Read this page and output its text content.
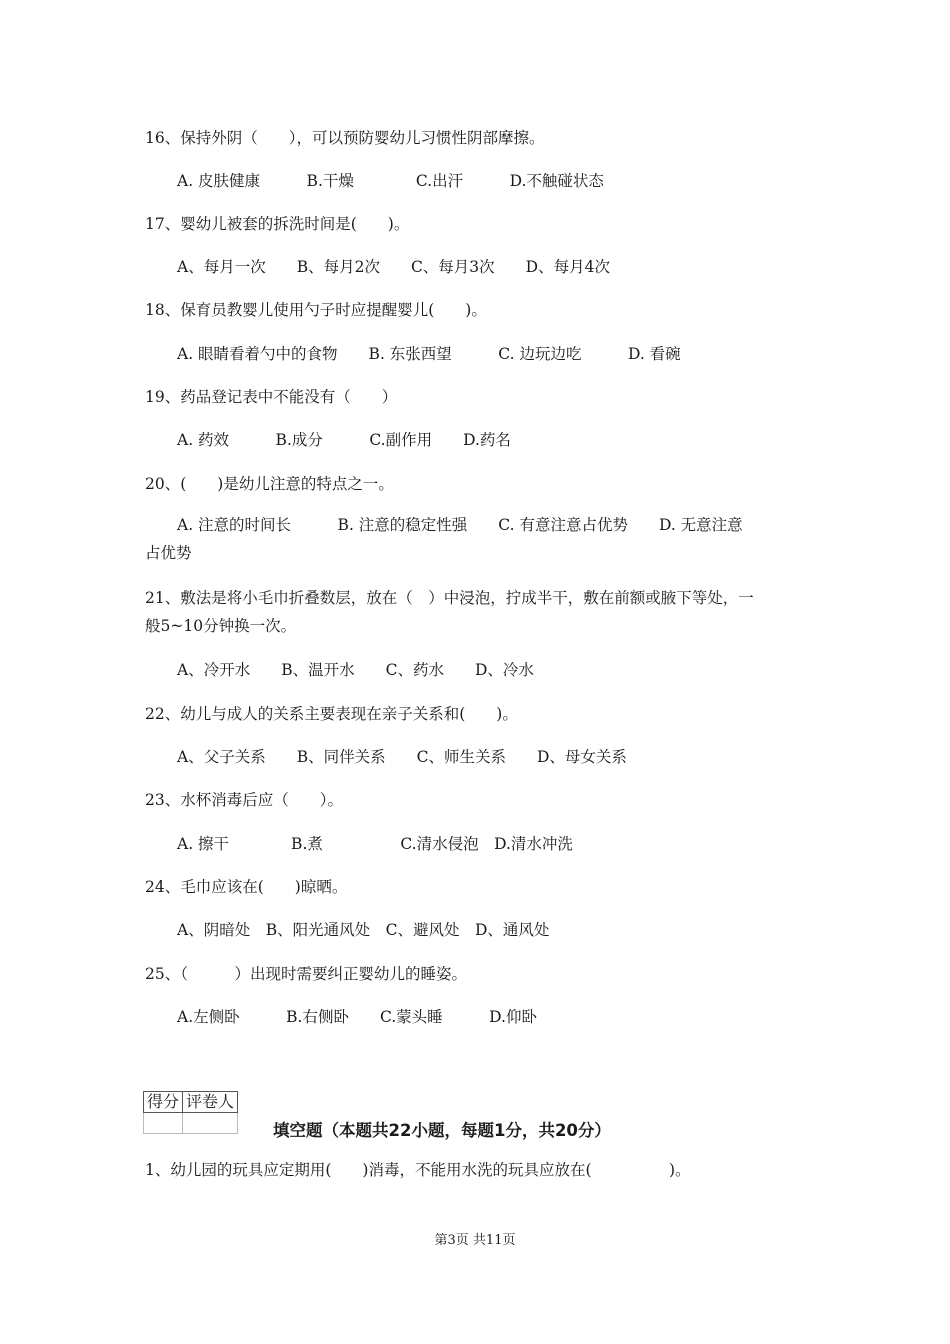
16、保持外阴（　　），可以预防婴幼儿习惯性阴部摩擦。
A. 皮肤健康　　　B.干燥　　　　C.出汗　　　D.不触碰状态
17、婴幼儿被套的拆洗时间是(　　)。
A、每月一次　　B、每月2次　　C、每月3次　　D、每月4次
18、保育员教婴儿使用勺子时应提醒婴儿(　　)。
A. 眼睛看着勺中的食物　　B. 东张西望　　　C. 边玩边吃　　　D. 看碗
19、药品登记表中不能没有（　　）
A. 药效　　　B.成分　　　C.副作用　　D.药名
20、(　　)是幼儿注意的特点之一。
A. 注意的时间长　　　B. 注意的稳定性强　　C. 有意注意占优势　　D. 无意注意
占优势
21、敷法是将小毛巾折叠数层，放在（　）中浸泡，拧成半干，敷在前额或腋下等处，一
般5~10分钟换一次。
A、冷开水　　B、温开水　　C、药水　　D、冷水
22、幼儿与成人的关系主要表现在亲子关系和(　　)。
A、父子关系　　B、同伴关系　　C、师生关系　　D、母女关系
23、水杯消毒后应（　　）。
A. 擦干　　　　B.煮　　　　　C.清水侵泡　D.清水冲洗
24、毛巾应该在(　　)晾晒。
A、阴暗处　B、阳光通风处　C、避风处　D、通风处
25、（　　　）出现时需要纠正婴幼儿的睡姿。
A.左侧卧　　　B.右侧卧　　C.蒙头睡　　　D.仰卧
得分	评卷人

填空题（本题共22小题，每题1分，共20分）
1、幼儿园的玩具应定期用(　　)消毒，不能用水洗的玩具应放在(　　　　　)。
第3页 共11页
